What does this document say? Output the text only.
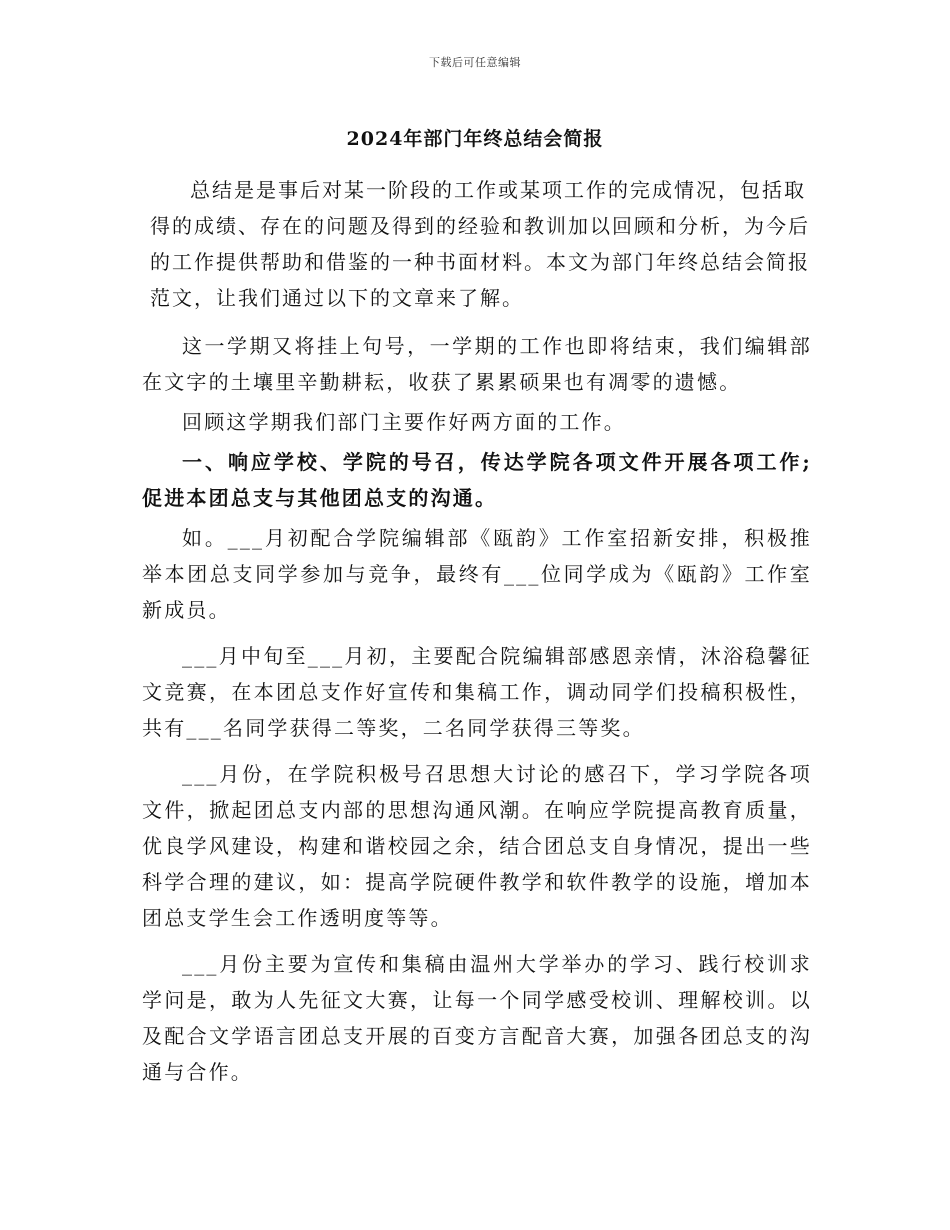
下载后可任意编辑
2024年部门年终总结会简报

总结是是事后对某一阶段的工作或某项工作的完成情况，包括取得的成绩、存在的问题及得到的经验和教训加以回顾和分析，为今后的工作提供帮助和借鉴的一种书面材料。本文为部门年终总结会简报范文，让我们通过以下的文章来了解。

这一学期又将挂上句号，一学期的工作也即将结束，我们编辑部在文字的土壤里辛勤耕耘，收获了累累硕果也有凋零的遗憾。

回顾这学期我们部门主要作好两方面的工作。

一、响应学校、学院的号召，传达学院各项文件开展各项工作;促进本团总支与其他团总支的沟通。

如。___月初配合学院编辑部《瓯韵》工作室招新安排，积极推举本团总支同学参加与竞争，最终有___位同学成为《瓯韵》工作室新成员。

___月中旬至___月初，主要配合院编辑部感恩亲情，沐浴稳馨征文竞赛，在本团总支作好宣传和集稿工作，调动同学们投稿积极性，共有___名同学获得二等奖，二名同学获得三等奖。

___月份，在学院积极号召思想大讨论的感召下，学习学院各项文件，掀起团总支内部的思想沟通风潮。在响应学院提高教育质量，优良学风建设，构建和谐校园之余，结合团总支自身情况，提出一些科学合理的建议，如：提高学院硬件教学和软件教学的设施，增加本团总支学生会工作透明度等等。

___月份主要为宣传和集稿由温州大学举办的学习、践行校训求学问是，敢为人先征文大赛，让每一个同学感受校训、理解校训。以及配合文学语言团总支开展的百变方言配音大赛，加强各团总支的沟通与合作。
